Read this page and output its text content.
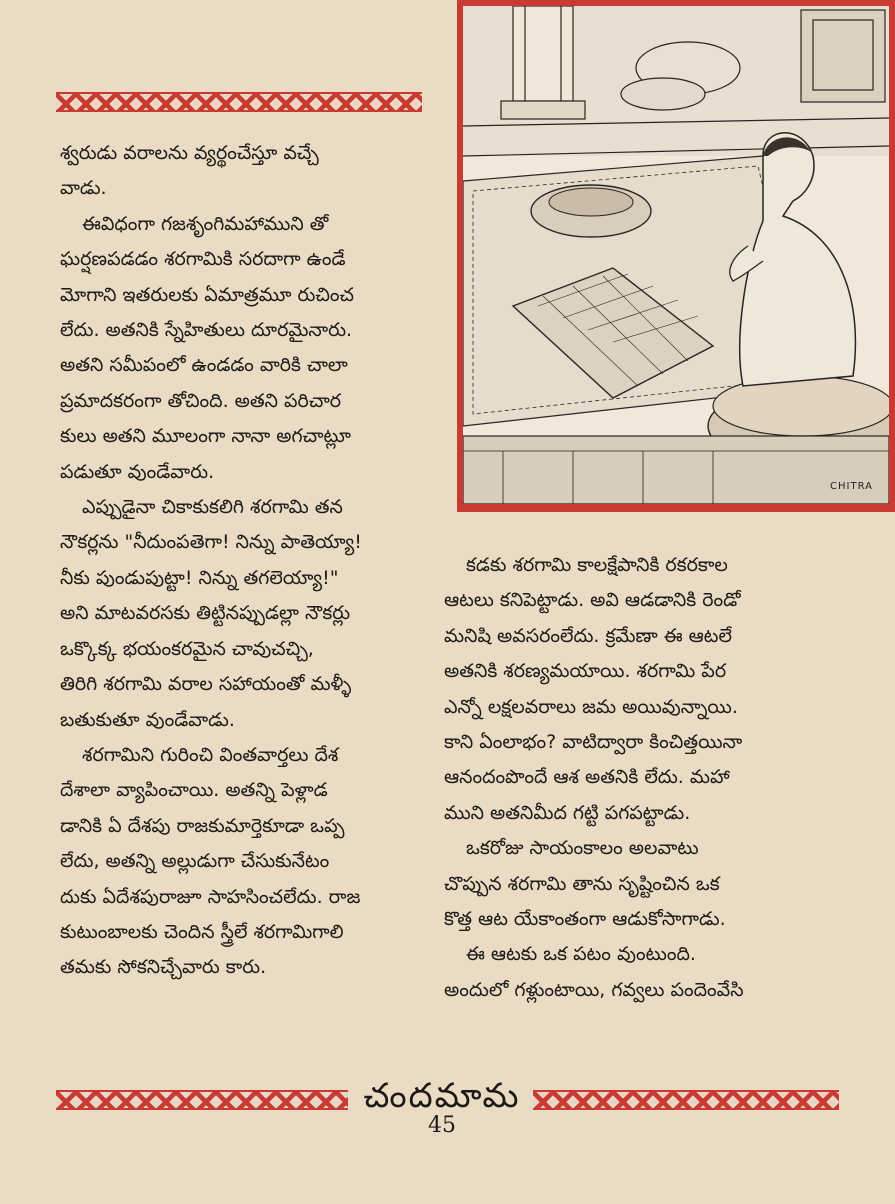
శ్వరుడు వరాలను వ్యర్థంచేస్తూ వచ్చే
వాడు.
ఈవిధంగా గజశృంగిమహాముని తో
ఘర్షణపడడం శరగామికి సరదాగా ఉండే
మోగాని ఇతరులకు ఏమాత్రమూ రుచించ
లేదు. అతనికి స్నేహితులు దూరమైనారు.
అతని సమీపంలో ఉండడం వారికి చాలా
ప్రమాదకరంగా తోచింది. అతని పరిచార
కులు అతని మూలంగా నానా అగచాట్లూ
పడుతూ వుండేవారు.
ఎప్పుడైనా చికాకుకలిగి శరగామి తన
నౌకర్లను "నీదుంపతెగా! నిన్ను పాతెయ్యా!
నీకు పుండుపుట్టా! నిన్ను తగలెయ్యా!"
అని మాటవరసకు తిట్టినప్పుడల్లా నౌకర్లు
ఒక్కొక్క భయంకరమైన చావుచచ్చి,
తిరిగి శరగామి వరాల సహాయంతో మళ్ళీ
బతుకుతూ వుండేవాడు.
శరగామిని గురించి వింతవార్తలు దేశ
దేశాలా వ్యాపించాయి. అతన్ని పెళ్లాడ
డానికి ఏ దేశపు రాజకుమార్తెకూడా ఒప్ప
లేదు, అతన్ని అల్లుడుగా చేసుకునేటం
దుకు ఏదేశపురాజూ సాహసించలేదు. రాజ
కుటుంబాలకు చెందిన స్త్రీలే శరగామిగాలి
తమకు సోకనిచ్చేవారు కారు.
CHITRA
కడకు శరగామి కాలక్షేపానికి రకరకాల
ఆటలు కనిపెట్టాడు. అవి ఆడడానికి రెండో
మనిషి అవసరంలేదు. క్రమేణా ఈ ఆటలే
అతనికి శరణ్యమయాయి. శరగామి పేర
ఎన్నో లక్షలవరాలు జమ అయివున్నాయి.
కాని ఏంలాభం? వాటిద్వారా కించిత్తయినా
ఆనందంపొందే ఆశ అతనికి లేదు. మహా
ముని అతనిమీద గట్టి పగపట్టాడు.
ఒకరోజు సాయంకాలం అలవాటు
చొప్పున శరగామి తాను సృష్టించిన ఒక
కొత్త ఆట యేకాంతంగా ఆడుకోసాగాడు.
ఈ ఆటకు ఒక పటం వుంటుంది.
అందులో గళ్లుంటాయి, గవ్వలు పందెంవేసి
చందమామ
45
